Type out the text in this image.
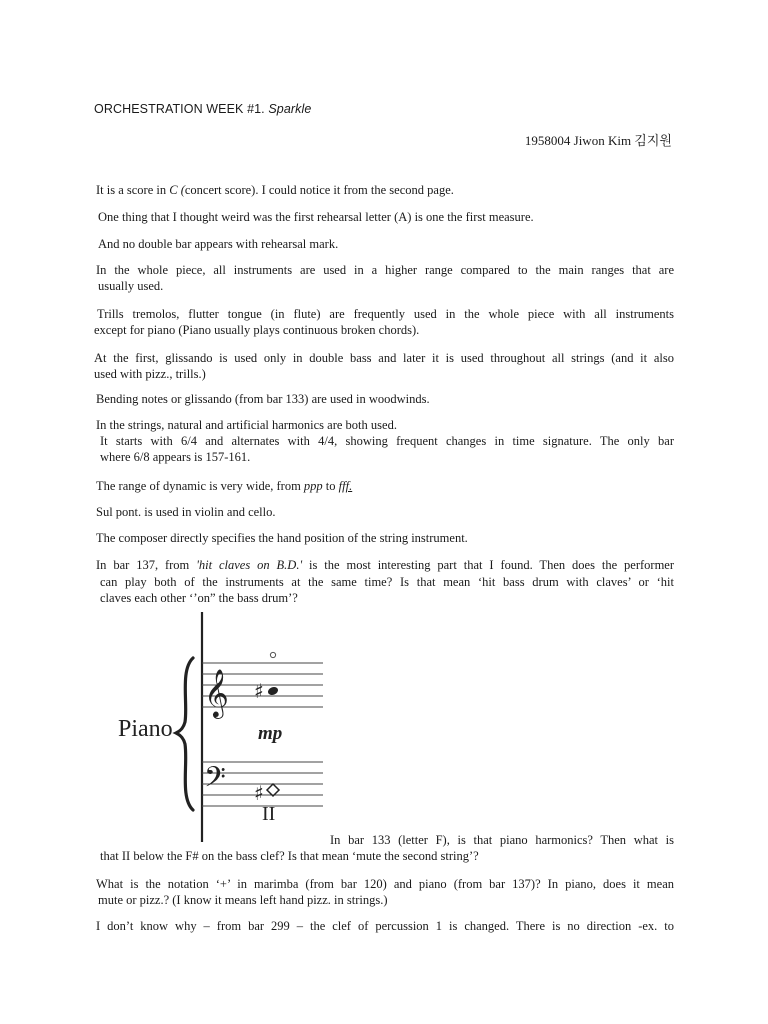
ORCHESTRATION WEEK #1. Sparkle
1958004 Jiwon Kim 김지원
It is a score in C (concert score). I could notice it from the second page.
One thing that I thought weird was the first rehearsal letter (A) is one the first measure.
And no double bar appears with rehearsal mark.
In the whole piece, all instruments are used in a higher range compared to the main ranges that are
usually used.
Trills tremolos, flutter tongue (in flute) are frequently used in the whole piece with all instruments
except for piano (Piano usually plays continuous broken chords).
At the first, glissando is used only in double bass and later it is used throughout all strings (and it also
used with pizz., trills.)
Bending notes or glissando (from bar 133) are used in woodwinds.
In the strings, natural and artificial harmonics are both used.
It starts with 6/4 and alternates with 4/4, showing frequent changes in time signature. The only bar
where 6/8 appears is 157-161.
The range of dynamic is very wide, from ppp to fff.
Sul pont. is used in violin and cello.
The composer directly specifies the hand position of the string instrument.
In bar 137, from 'hit claves on B.D.' is the most interesting part that I found. Then does the performer
can play both of the instruments at the same time? Is that mean ‘hit bass drum with claves’ or ‘hit
claves each other ‘’on” the bass drum’?
Piano
𝄞
𝄢
♯
mp
♯
II
In bar 133 (letter F), is that piano harmonics? Then what is
that II below the F# on the bass clef? Is that mean ‘mute the second string’?
What is the notation ‘+’ in marimba (from bar 120) and piano (from bar 137)? In piano, does it mean
mute or pizz.? (I know it means left hand pizz. in strings.)
I don’t know why – from bar 299 – the clef of percussion 1 is changed. There is no direction -ex. to
